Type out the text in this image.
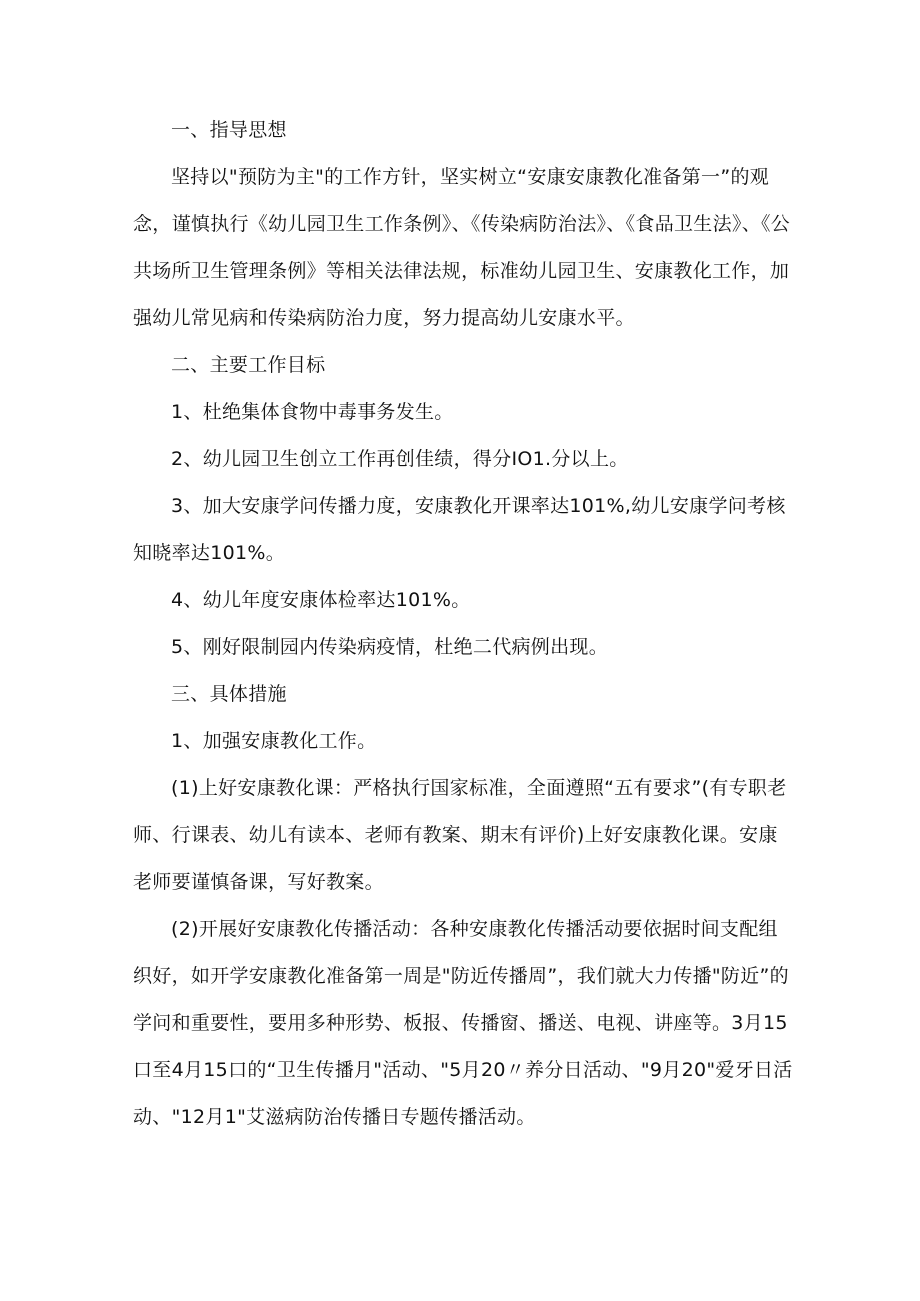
一、指导思想

坚持以"预防为主"的工作方针，坚实树立“安康安康教化准备第一”的观念，谨慎执行《幼儿园卫生工作条例》、《传染病防治法》、《食品卫生法》、《公共场所卫生管理条例》等相关法律法规，标准幼儿园卫生、安康教化工作，加强幼儿常见病和传染病防治力度，努力提高幼儿安康水平。

二、主要工作目标

1、杜绝集体食物中毒事务发生。

2、幼儿园卫生创立工作再创佳绩，得分IO1.分以上。

3、加大安康学问传播力度，安康教化开课率达101%,幼儿安康学问考核知晓率达101%。

4、幼儿年度安康体检率达101%。

5、刚好限制园内传染病疫情，杜绝二代病例出现。

三、具体措施

1、加强安康教化工作。

(1)上好安康教化课：严格执行国家标准，全面遵照“五有要求”(有专职老师、行课表、幼儿有读本、老师有教案、期末有评价)上好安康教化课。安康老师要谨慎备课，写好教案。

(2)开展好安康教化传播活动：各种安康教化传播活动要依据时间支配组织好，如开学安康教化准备第一周是"防近传播周”，我们就大力传播"防近”的学问和重要性，要用多种形势、板报、传播窗、播送、电视、讲座等。3月15口至4月15口的“卫生传播月"活动、"5月20〃养分日活动、"9月20"爱牙日活动、"12月1"艾滋病防治传播日专题传播活动。
